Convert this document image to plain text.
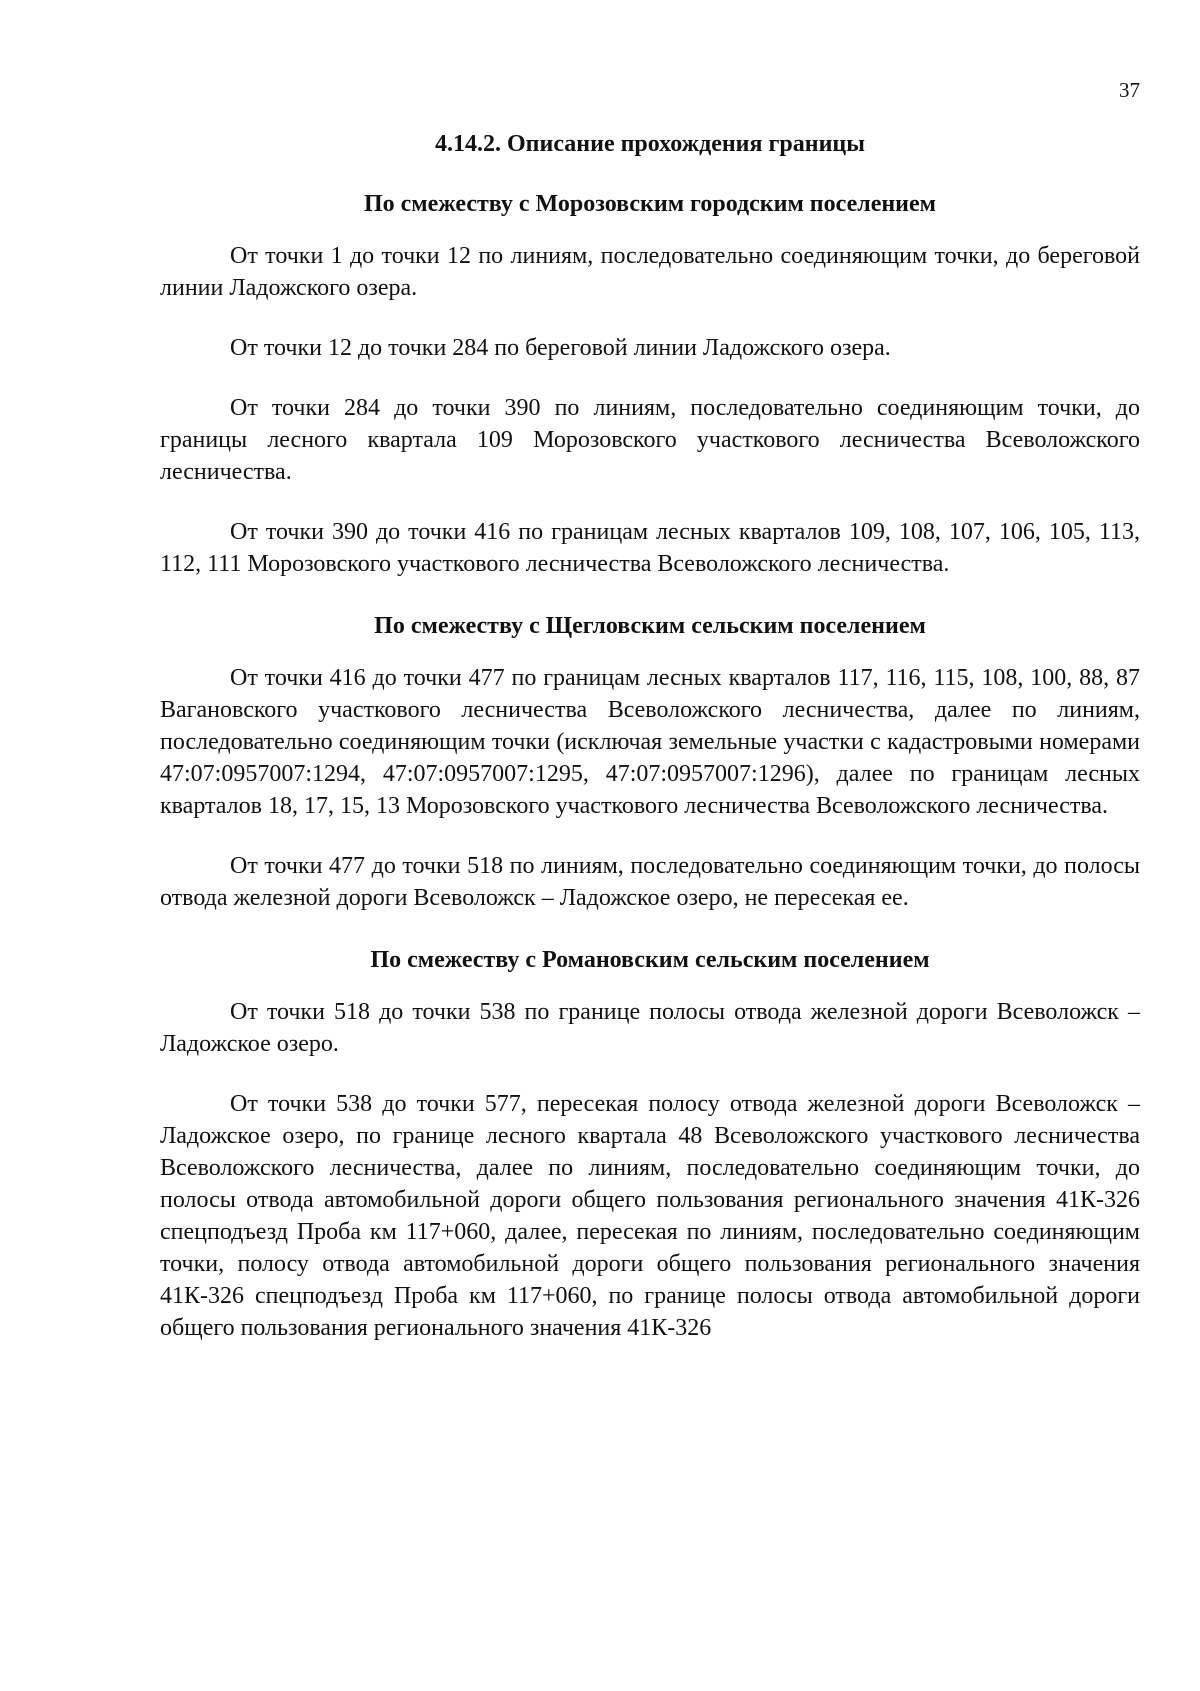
37
4.14.2. Описание прохождения границы
По смежеству с Морозовским городским поселением

От точки 1 до точки 12 по линиям, последовательно соединяющим точки, до береговой линии Ладожского озера.

От точки 12 до точки 284 по береговой линии Ладожского озера.

От точки 284 до точки 390 по линиям, последовательно соединяющим точки, до границы лесного квартала 109 Морозовского участкового лесничества Всеволожского лесничества.

От точки 390 до точки 416 по границам лесных кварталов 109, 108, 107, 106, 105, 113, 112, 111 Морозовского участкового лесничества Всеволожского лесничества.

По смежеству с Щегловским сельским поселением

От точки 416 до точки 477 по границам лесных кварталов 117, 116, 115, 108, 100, 88, 87 Вагановского участкового лесничества Всеволожского лесничества, далее по линиям, последовательно соединяющим точки (исключая земельные участки с кадастровыми номерами 47:07:0957007:1294, 47:07:0957007:1295, 47:07:0957007:1296), далее по границам лесных кварталов 18, 17, 15, 13 Морозовского участкового лесничества Всеволожского лесничества.

От точки 477 до точки 518 по линиям, последовательно соединяющим точки, до полосы отвода железной дороги Всеволожск – Ладожское озеро, не пересекая ее.

По смежеству с Романовским сельским поселением

От точки 518 до точки 538 по границе полосы отвода железной дороги Всеволожск – Ладожское озеро.

От точки 538 до точки 577, пересекая полосу отвода железной дороги Всеволожск – Ладожское озеро, по границе лесного квартала 48 Всеволожского участкового лесничества Всеволожского лесничества, далее по линиям, последовательно соединяющим точки, до полосы отвода автомобильной дороги общего пользования регионального значения 41К-326 спецподъезд Проба км 117+060, далее, пересекая по линиям, последовательно соединяющим точки, полосу отвода автомобильной дороги общего пользования регионального значения 41К-326 спецподъезд Проба км 117+060, по границе полосы отвода автомобильной дороги общего пользования регионального значения 41К-326
